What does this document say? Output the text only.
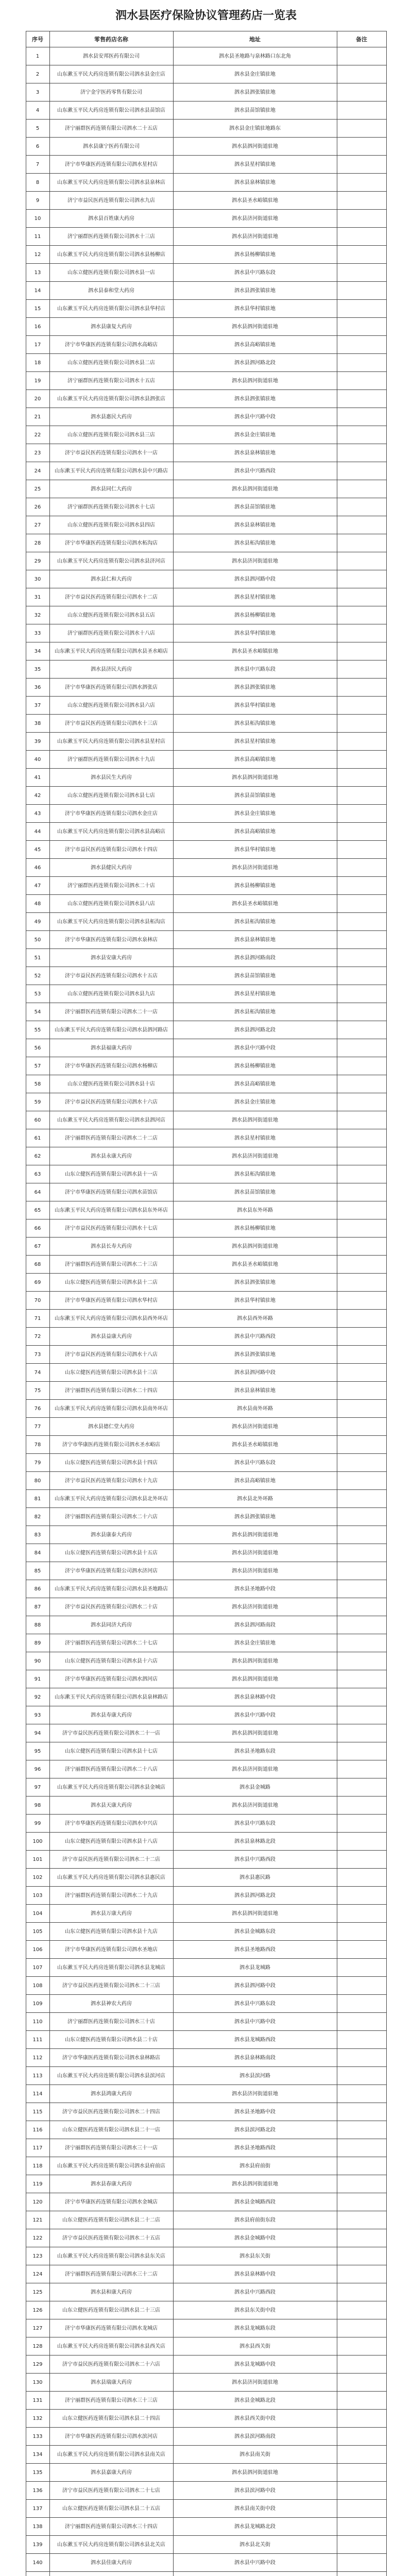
泗水县医疗保险协议管理药店一览表
序号	零售药店名称	地址	备注
1	泗水县安邦医药有限公司	泗水县圣地路与泉林路口东北角	
2	山东漱玉平民大药房连锁有限公司泗水县金庄店	泗水县金庄镇驻地	
3	济宁金宇医药零售有限公司	泗水县泗张镇驻地	
4	山东漱玉平民大药房连锁有限公司泗水县苗馆店	泗水县苗馆镇驻地	
5	济宁丽群医药连锁有限公司泗水二十五店	泗水县金庄镇驻地路东	
6	泗水县康宁医药有限公司	泗水县泗河街道驻地	
7	济宁市华康医药连锁有限公司泗水星村店	泗水县星村镇驻地	
8	山东漱玉平民大药房连锁有限公司泗水县泉林店	泗水县泉林镇驻地	
9	济宁市益民医药连锁有限公司泗水九店	泗水县圣水峪镇驻地	
10	泗水县百姓康大药房	泗水县济河街道驻地	
11	济宁丽群医药连锁有限公司泗水十三店	泗水县济河街道驻地	
12	山东漱玉平民大药房连锁有限公司泗水县杨柳店	泗水县杨柳镇驻地	
13	山东立健医药连锁有限公司泗水县一店	泗水县中兴路东段	
14	泗水县泰和堂大药房	泗水县泗张镇驻地	
15	山东漱玉平民大药房连锁有限公司泗水县华村店	泗水县华村镇驻地	
16	泗水县康复大药房	泗水县泗河街道驻地	
17	济宁市华康医药连锁有限公司泗水高峪店	泗水县高峪镇驻地	
18	山东立健医药连锁有限公司泗水县二店	泗水县泗河路北段	
19	济宁丽群医药连锁有限公司泗水十五店	泗水县泗河街道驻地	
20	山东漱玉平民大药房连锁有限公司泗水县泗张店	泗水县泗张镇驻地	
21	泗水县惠民大药房	泗水县中兴路中段	
22	山东立健医药连锁有限公司泗水县三店	泗水县金庄镇驻地	
23	济宁市益民医药连锁有限公司泗水十一店	泗水县泉林镇驻地	
24	山东漱玉平民大药房连锁有限公司泗水县中兴路店	泗水县中兴路西段	
25	泗水县同仁大药房	泗水县泗河街道驻地	
26	济宁丽群医药连锁有限公司泗水十七店	泗水县苗馆镇驻地	
27	山东立健医药连锁有限公司泗水县四店	泗水县泉林镇驻地	
28	济宁市华康医药连锁有限公司泗水柘沟店	泗水县柘沟镇驻地	
29	山东漱玉平民大药房连锁有限公司泗水县济河店	泗水县济河街道驻地	
30	泗水县仁和大药房	泗水县泗河路中段	
31	济宁市益民医药连锁有限公司泗水十二店	泗水县星村镇驻地	
32	山东立健医药连锁有限公司泗水县五店	泗水县杨柳镇驻地	
33	济宁丽群医药连锁有限公司泗水十八店	泗水县华村镇驻地	
34	山东漱玉平民大药房连锁有限公司泗水县圣水峪店	泗水县圣水峪镇驻地	
35	泗水县济民大药房	泗水县中兴路东段	
36	济宁市华康医药连锁有限公司泗水泗张店	泗水县泗张镇驻地	
37	山东立健医药连锁有限公司泗水县六店	泗水县华村镇驻地	
38	济宁市益民医药连锁有限公司泗水十三店	泗水县柘沟镇驻地	
39	山东漱玉平民大药房连锁有限公司泗水县星村店	泗水县星村镇驻地	
40	济宁丽群医药连锁有限公司泗水十九店	泗水县高峪镇驻地	
41	泗水县民生大药房	泗水县泗河街道驻地	
42	山东立健医药连锁有限公司泗水县七店	泗水县苗馆镇驻地	
43	济宁市华康医药连锁有限公司泗水金庄店	泗水县金庄镇驻地	
44	山东漱玉平民大药房连锁有限公司泗水县高峪店	泗水县高峪镇驻地	
45	济宁市益民医药连锁有限公司泗水十四店	泗水县华村镇驻地	
46	泗水县健民大药房	泗水县济河街道驻地	
47	济宁丽群医药连锁有限公司泗水二十店	泗水县杨柳镇驻地	
48	山东立健医药连锁有限公司泗水县八店	泗水县圣水峪镇驻地	
49	山东漱玉平民大药房连锁有限公司泗水县柘沟店	泗水县柘沟镇驻地	
50	济宁市华康医药连锁有限公司泗水泉林店	泗水县泉林镇驻地	
51	泗水县安康大药房	泗水县泗河路南段	
52	济宁市益民医药连锁有限公司泗水十五店	泗水县苗馆镇驻地	
53	山东立健医药连锁有限公司泗水县九店	泗水县星村镇驻地	
54	济宁丽群医药连锁有限公司泗水二十一店	泗水县柘沟镇驻地	
55	山东漱玉平民大药房连锁有限公司泗水县泗河路店	泗水县泗河路北段	
56	泗水县福康大药房	泗水县中兴路中段	
57	济宁市华康医药连锁有限公司泗水杨柳店	泗水县杨柳镇驻地	
58	山东立健医药连锁有限公司泗水县十店	泗水县高峪镇驻地	
59	济宁市益民医药连锁有限公司泗水十六店	泗水县金庄镇驻地	
60	山东漱玉平民大药房连锁有限公司泗水县泗河店	泗水县泗河街道驻地	
61	济宁丽群医药连锁有限公司泗水二十二店	泗水县星村镇驻地	
62	泗水县永康大药房	泗水县济河街道驻地	
63	山东立健医药连锁有限公司泗水县十一店	泗水县柘沟镇驻地	
64	济宁市华康医药连锁有限公司泗水苗馆店	泗水县苗馆镇驻地	
65	山东漱玉平民大药房连锁有限公司泗水县东外环店	泗水县东外环路	
66	济宁市益民医药连锁有限公司泗水十七店	泗水县杨柳镇驻地	
67	泗水县长寿大药房	泗水县泗河街道驻地	
68	济宁丽群医药连锁有限公司泗水二十三店	泗水县圣水峪镇驻地	
69	山东立健医药连锁有限公司泗水县十二店	泗水县泗张镇驻地	
70	济宁市华康医药连锁有限公司泗水华村店	泗水县华村镇驻地	
71	山东漱玉平民大药房连锁有限公司泗水县西外环店	泗水县西外环路	
72	泗水县益康大药房	泗水县中兴路西段	
73	济宁市益民医药连锁有限公司泗水十八店	泗水县泗张镇驻地	
74	山东立健医药连锁有限公司泗水县十三店	泗水县泗河路中段	
75	济宁丽群医药连锁有限公司泗水二十四店	泗水县泉林镇驻地	
76	山东漱玉平民大药房连锁有限公司泗水县南外环店	泗水县南外环路	
77	泗水县德仁堂大药房	泗水县济河街道驻地	
78	济宁市华康医药连锁有限公司泗水圣水峪店	泗水县圣水峪镇驻地	
79	山东立健医药连锁有限公司泗水县十四店	泗水县中兴路东段	
80	济宁市益民医药连锁有限公司泗水十九店	泗水县高峪镇驻地	
81	山东漱玉平民大药房连锁有限公司泗水县北外环店	泗水县北外环路	
82	济宁丽群医药连锁有限公司泗水二十六店	泗水县泗张镇驻地	
83	泗水县康泰大药房	泗水县泗河街道驻地	
84	山东立健医药连锁有限公司泗水县十五店	泗水县济河街道驻地	
85	济宁市华康医药连锁有限公司泗水济河店	泗水县济河街道驻地	
86	山东漱玉平民大药房连锁有限公司泗水县圣地路店	泗水县圣地路中段	
87	济宁市益民医药连锁有限公司泗水二十店	泗水县济河街道驻地	
88	泗水县同济大药房	泗水县泗河路南段	
89	济宁丽群医药连锁有限公司泗水二十七店	泗水县金庄镇驻地	
90	山东立健医药连锁有限公司泗水县十六店	泗水县泗河街道驻地	
91	济宁市华康医药连锁有限公司泗水泗河店	泗水县泗河街道驻地	
92	山东漱玉平民大药房连锁有限公司泗水县泉林路店	泗水县泉林路中段	
93	泗水县寿康大药房	泗水县中兴路中段	
94	济宁市益民医药连锁有限公司泗水二十一店	泗水县泗河街道驻地	
95	山东立健医药连锁有限公司泗水县十七店	泗水县圣地路东段	
96	济宁丽群医药连锁有限公司泗水二十八店	泗水县济河街道驻地	
97	山东漱玉平民大药房连锁有限公司泗水县金城店	泗水县金城路	
98	泗水县天康大药房	泗水县济河街道驻地	
99	济宁市华康医药连锁有限公司泗水中兴店	泗水县中兴路东段	
100	山东立健医药连锁有限公司泗水县十八店	泗水县泉林路北段	
101	济宁市益民医药连锁有限公司泗水二十二店	泗水县中兴路西段	
102	山东漱玉平民大药房连锁有限公司泗水县惠民店	泗水县惠民路	
103	济宁丽群医药连锁有限公司泗水二十九店	泗水县泗河路北段	
104	泗水县万康大药房	泗水县泗河街道驻地	
105	山东立健医药连锁有限公司泗水县十九店	泗水县金城路东段	
106	济宁市华康医药连锁有限公司泗水圣地店	泗水县圣地路西段	
107	山东漱玉平民大药房连锁有限公司泗水县龙城店	泗水县龙城路	
108	济宁市益民医药连锁有限公司泗水二十三店	泗水县泗河路中段	
109	泗水县神农大药房	泗水县中兴路东段	
110	济宁丽群医药连锁有限公司泗水三十店	泗水县中兴路中段	
111	山东立健医药连锁有限公司泗水县二十店	泗水县龙城路西段	
112	济宁市华康医药连锁有限公司泗水泉林路店	泗水县泉林路南段	
113	山东漱玉平民大药房连锁有限公司泗水县滨河店	泗水县滨河路	
114	泗水县鸿康大药房	泗水县济河街道驻地	
115	济宁市益民医药连锁有限公司泗水二十四店	泗水县圣地路中段	
116	山东立健医药连锁有限公司泗水县二十一店	泗水县滨河路北段	
117	济宁丽群医药连锁有限公司泗水三十一店	泗水县圣地路西段	
118	山东漱玉平民大药房连锁有限公司泗水县府前店	泗水县府前街	
119	泗水县春康大药房	泗水县泗河街道驻地	
120	济宁市华康医药连锁有限公司泗水金城店	泗水县金城路西段	
121	山东立健医药连锁有限公司泗水县二十二店	泗水县府前街东段	
122	济宁市益民医药连锁有限公司泗水二十五店	泗水县金城路中段	
123	山东漱玉平民大药房连锁有限公司泗水县东关店	泗水县东关街	
124	济宁丽群医药连锁有限公司泗水三十二店	泗水县泉林路中段	
125	泗水县和康大药房	泗水县中兴路西段	
126	山东立健医药连锁有限公司泗水县二十三店	泗水县东关街中段	
127	济宁市华康医药连锁有限公司泗水龙城店	泗水县龙城路东段	
128	山东漱玉平民大药房连锁有限公司泗水县西关店	泗水县西关街	
129	济宁市益民医药连锁有限公司泗水二十六店	泗水县龙城路中段	
130	泗水县瑞康大药房	泗水县济河街道驻地	
131	济宁丽群医药连锁有限公司泗水三十三店	泗水县金城路北段	
132	山东立健医药连锁有限公司泗水县二十四店	泗水县西关街中段	
133	济宁市华康医药连锁有限公司泗水滨河店	泗水县滨河路南段	
134	山东漱玉平民大药房连锁有限公司泗水县南关店	泗水县南关街	
135	泗水县嘉康大药房	泗水县泗河街道驻地	
136	济宁市益民医药连锁有限公司泗水二十七店	泗水县滨河路中段	
137	山东立健医药连锁有限公司泗水县二十五店	泗水县南关街中段	
138	济宁丽群医药连锁有限公司泗水三十四店	泗水县龙城路北段	
139	山东漱玉平民大药房连锁有限公司泗水县北关店	泗水县北关街	
140	泗水县佳康大药房	泗水县中兴路中段	
